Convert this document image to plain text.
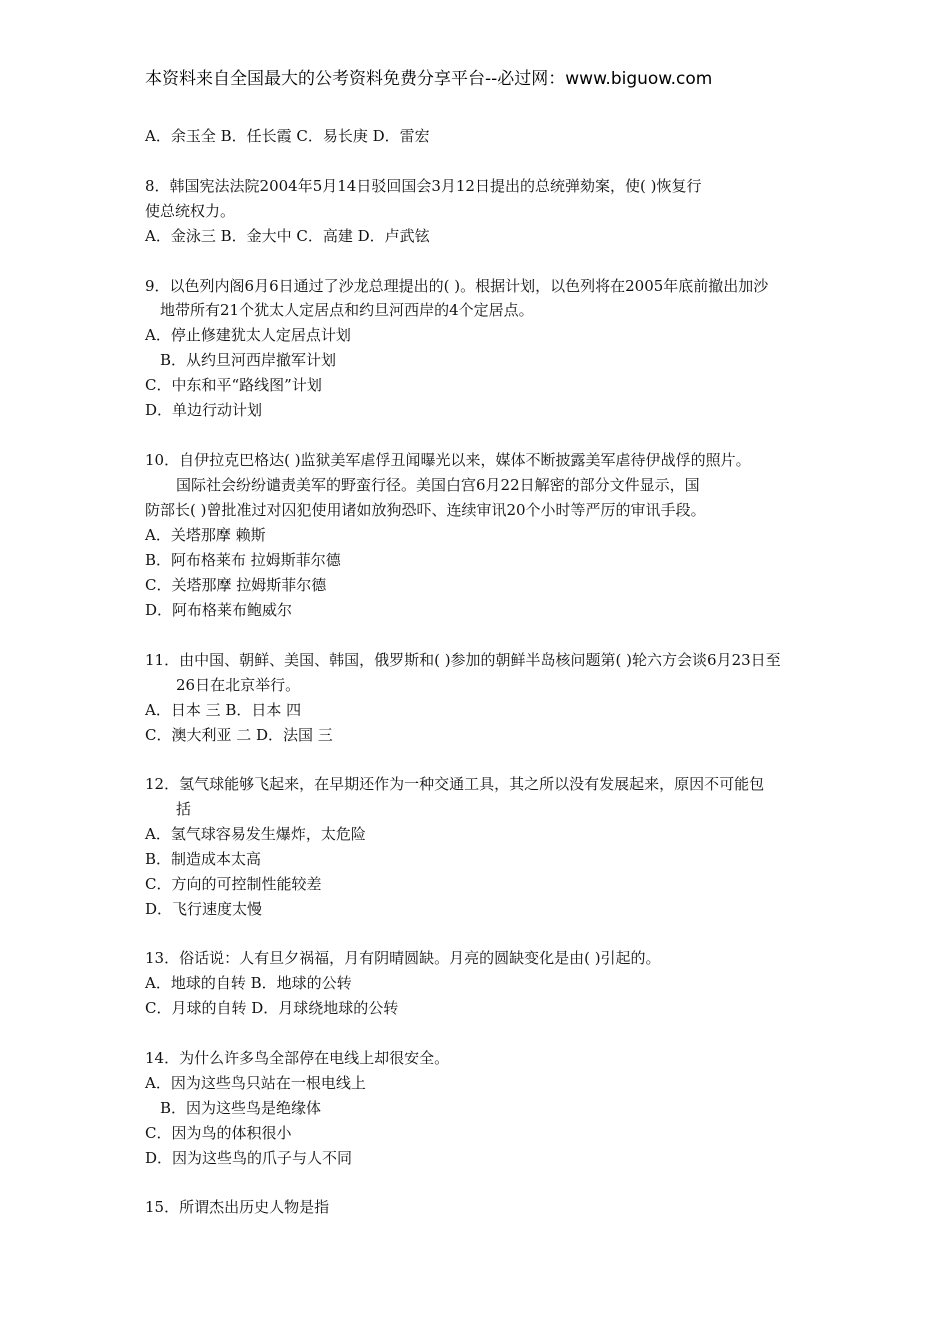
本资料来自全国最大的公考资料免费分享平台--必过网：www.biguow.com
A．余玉全 B．任长霞 C．易长庚 D．雷宏
8．韩国宪法法院2004年5月14日驳回国会3月12日提出的总统弹劾案，使( )恢复行
使总统权力。
A．金泳三 B．金大中 C．高建 D．卢武铉
9．以色列内阁6月6日通过了沙龙总理提出的( )。根据计划，以色列将在2005年底前撤出加沙
地带所有21个犹太人定居点和约旦河西岸的4个定居点。
A．停止修建犹太人定居点计划
B．从约旦河西岸撤军计划
C．中东和平“路线图”计划
D．单边行动计划
10．自伊拉克巴格达( )监狱美军虐俘丑闻曝光以来，媒体不断披露美军虐待伊战俘的照片。
国际社会纷纷谴责美军的野蛮行径。美国白宫6月22日解密的部分文件显示，国
防部长( )曾批准过对囚犯使用诸如放狗恐吓、连续审讯20个小时等严厉的审讯手段。
A．关塔那摩 赖斯
B．阿布格莱布 拉姆斯菲尔德
C．关塔那摩 拉姆斯菲尔德
D．阿布格莱布鲍威尔
11．由中国、朝鲜、美国、韩国，俄罗斯和( )参加的朝鲜半岛核问题第( )轮六方会谈6月23日至
26日在北京举行。
A．日本 三 B．日本 四
C．澳大利亚 二 D．法国 三
12．氢气球能够飞起来，在早期还作为一种交通工具，其之所以没有发展起来，原因不可能包
括
A．氢气球容易发生爆炸，太危险
B．制造成本太高
C．方向的可控制性能较差
D．飞行速度太慢
13．俗话说：人有旦夕祸福，月有阴晴圆缺。月亮的圆缺变化是由( )引起的。
A．地球的自转 B．地球的公转
C．月球的自转 D．月球绕地球的公转
14．为什么许多鸟全部停在电线上却很安全。
A．因为这些鸟只站在一根电线上
B．因为这些鸟是绝缘体
C．因为鸟的体积很小
D．因为这些鸟的爪子与人不同
15．所谓杰出历史人物是指
